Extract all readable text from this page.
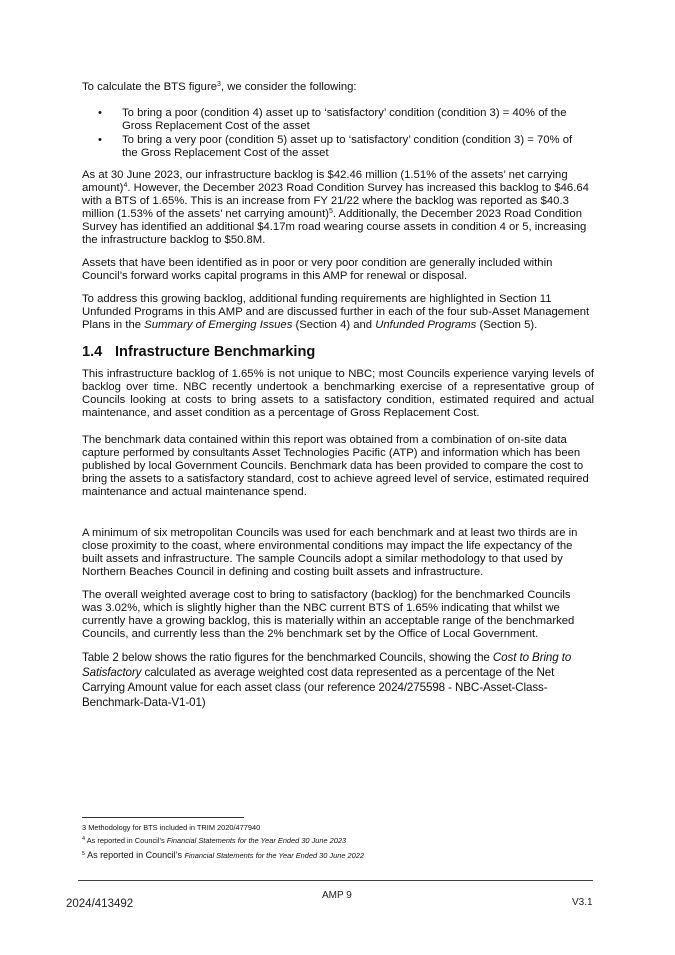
To calculate the BTS figure$^3$, we consider the following:
• To bring a poor (condition 4) asset up to ‘satisfactory’ condition (condition 3) = 40% of the
Gross Replacement Cost of the asset
• To bring a very poor (condition 5) asset up to ‘satisfactory’ condition (condition 3) = 70% of
the Gross Replacement Cost of the asset
As at 30 June 2023, our infrastructure backlog is $42.46 million (1.51% of the assets’ net carrying
amount)$^4$. However, the December 2023 Road Condition Survey has increased this backlog to $46.64
with a BTS of 1.65%. This is an increase from FY 21/22 where the backlog was reported as $40.3
million (1.53% of the assets’ net carrying amount)$^5$. Additionally, the December 2023 Road Condition
Survey has identified an additional $4.17m road wearing course assets in condition 4 or 5, increasing
the infrastructure backlog to $50.8M.
Assets that have been identified as in poor or very poor condition are generally included within
Council’s forward works capital programs in this AMP for renewal or disposal.
To address this growing backlog, additional funding requirements are highlighted in Section 11
Unfunded Programs in this AMP and are discussed further in each of the four sub-Asset Management
Plans in the Summary of Emerging Issues (Section 4) and Unfunded Programs (Section 5).
1.4 Infrastructure Benchmarking
This infrastructure backlog of 1.65% is not unique to NBC; most Councils experience varying levels of
backlog over time. NBC recently undertook a benchmarking exercise of a representative group of
Councils looking at costs to bring assets to a satisfactory condition, estimated required and actual
maintenance, and asset condition as a percentage of Gross Replacement Cost.
The benchmark data contained within this report was obtained from a combination of on-site data
capture performed by consultants Asset Technologies Pacific (ATP) and information which has been
published by local Government Councils. Benchmark data has been provided to compare the cost to
bring the assets to a satisfactory standard, cost to achieve agreed level of service, estimated required
maintenance and actual maintenance spend.
A minimum of six metropolitan Councils was used for each benchmark and at least two thirds are in
close proximity to the coast, where environmental conditions may impact the life expectancy of the
built assets and infrastructure. The sample Councils adopt a similar methodology to that used by
Northern Beaches Council in defining and costing built assets and infrastructure.
The overall weighted average cost to bring to satisfactory (backlog) for the benchmarked Councils
was 3.02%, which is slightly higher than the NBC current BTS of 1.65% indicating that whilst we
currently have a growing backlog, this is materially within an acceptable range of the benchmarked
Councils, and currently less than the 2% benchmark set by the Office of Local Government.
Table 2 below shows the ratio figures for the benchmarked Councils, showing the Cost to Bring to
Satisfactory calculated as average weighted cost data represented as a percentage of the Net
Carrying Amount value for each asset class (our reference 2024/275598 - NBC-Asset-Class-
Benchmark-Data-V1-01)
3 Methodology for BTS included in TRIM 2020/477940
$^4$ As reported in Council’s Financial Statements for the Year Ended 30 June 2023
$^5$ As reported in Council’s Financial Statements for the Year Ended 30 June 2022
2024/413492
AMP 9
V3.1
